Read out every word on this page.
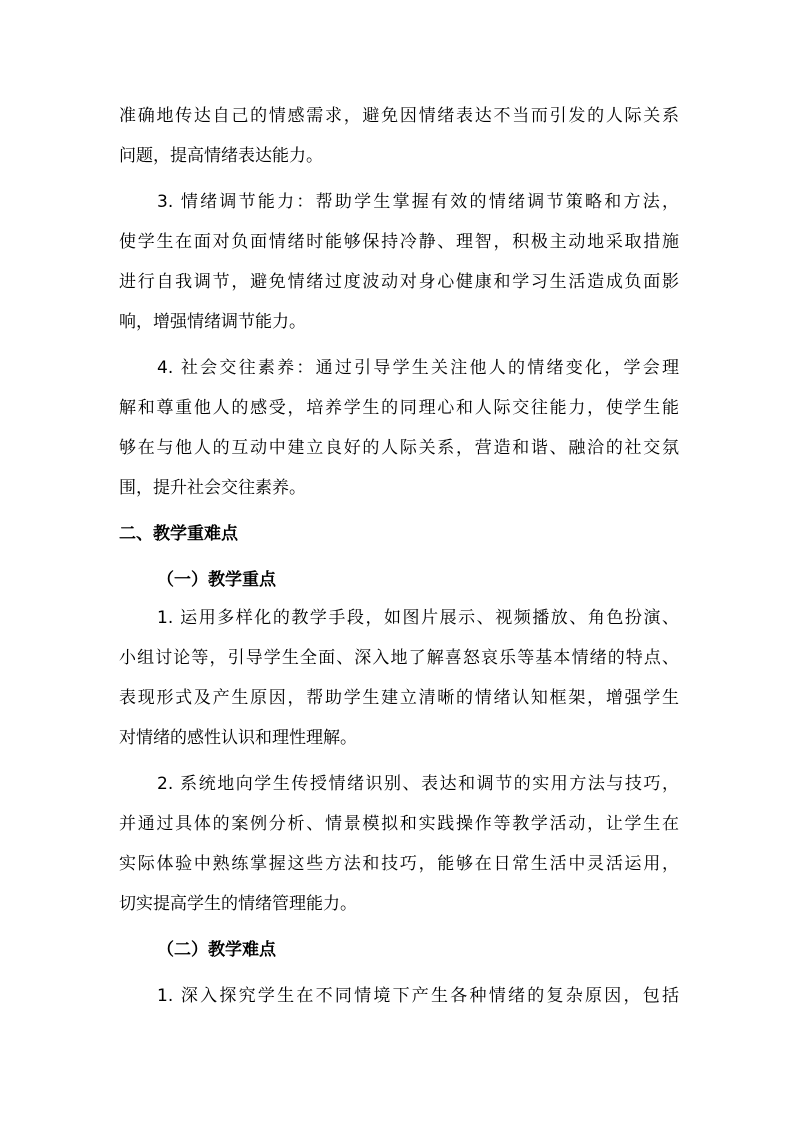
准确地传达自己的情感需求，避免因情绪表达不当而引发的人际关系
问题，提高情绪表达能力。
3. 情绪调节能力：帮助学生掌握有效的情绪调节策略和方法，
使学生在面对负面情绪时能够保持冷静、理智，积极主动地采取措施
进行自我调节，避免情绪过度波动对身心健康和学习生活造成负面影
响，增强情绪调节能力。
4. 社会交往素养：通过引导学生关注他人的情绪变化，学会理
解和尊重他人的感受，培养学生的同理心和人际交往能力，使学生能
够在与他人的互动中建立良好的人际关系，营造和谐、融洽的社交氛
围，提升社会交往素养。
二、教学重难点
（一）教学重点
1. 运用多样化的教学手段，如图片展示、视频播放、角色扮演、
小组讨论等，引导学生全面、深入地了解喜怒哀乐等基本情绪的特点、
表现形式及产生原因，帮助学生建立清晰的情绪认知框架，增强学生
对情绪的感性认识和理性理解。
2. 系统地向学生传授情绪识别、表达和调节的实用方法与技巧，
并通过具体的案例分析、情景模拟和实践操作等教学活动，让学生在
实际体验中熟练掌握这些方法和技巧，能够在日常生活中灵活运用，
切实提高学生的情绪管理能力。
（二）教学难点
1. 深入探究学生在不同情境下产生各种情绪的复杂原因，包括
